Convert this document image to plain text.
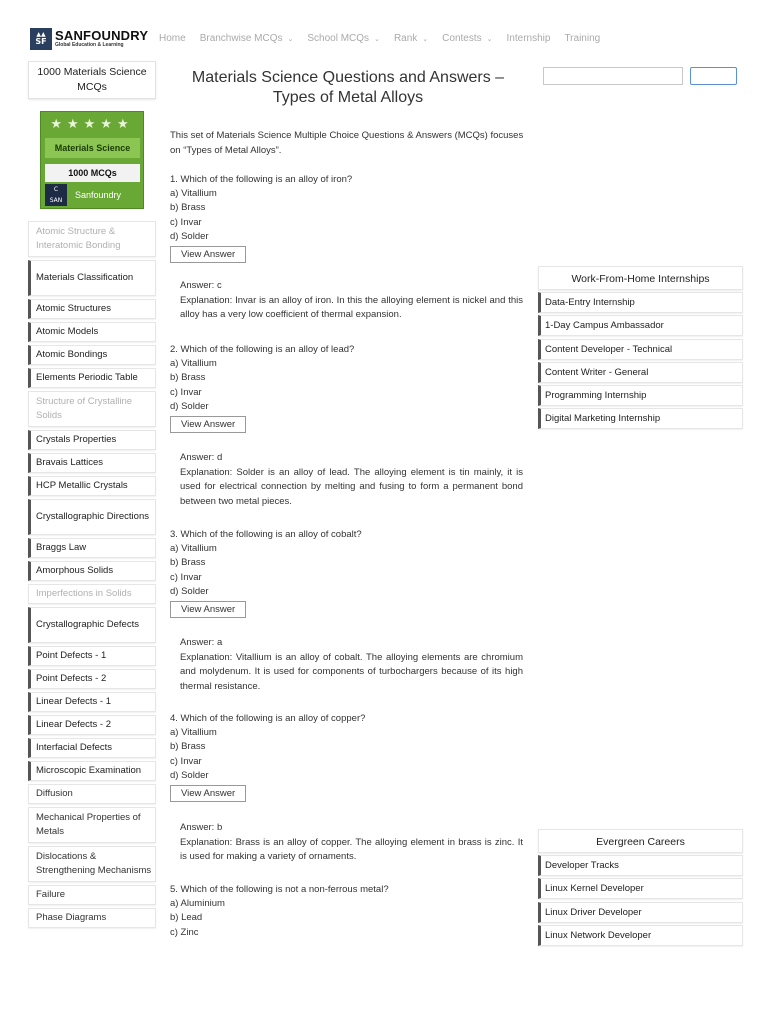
▲▲
SF SANFOUNDRY
Global Education & Learning
Home Branchwise MCQs ⌄ School MCQs ⌄ Rank ⌄ Contests ⌄ Internship Training
1000 Materials Science MCQs
★★★★★
Materials Science
1000 MCQs
C
SAN
Sanfoundry
Atomic Structure & Interatomic Bonding
Materials Classification
Atomic Structures
Atomic Models
Atomic Bondings
Elements Periodic Table
Structure of Crystalline Solids
Crystals Properties
Bravais Lattices
HCP Metallic Crystals
Crystallographic Directions
Braggs Law
Amorphous Solids
Imperfections in Solids
Crystallographic Defects
Point Defects - 1
Point Defects - 2
Linear Defects - 1
Linear Defects - 2
Interfacial Defects
Microscopic Examination
Diffusion
Mechanical Properties of Metals
Dislocations & Strengthening Mechanisms
Failure
Phase Diagrams
Materials Science Questions and Answers – Types of Metal Alloys

This set of Materials Science Multiple Choice Questions & Answers (MCQs) focuses on “Types of Metal Alloys”.

1. Which of the following is an alloy of iron?
a) Vitallium
b) Brass
c) Invar
d) Solder
View Answer
Answer: c
Explanation: Invar is an alloy of iron. In this the alloying element is nickel and this alloy has a very low coefficient of thermal expansion.
2. Which of the following is an alloy of lead?
a) Vitallium
b) Brass
c) Invar
d) Solder
View Answer
Answer: d
Explanation: Solder is an alloy of lead. The alloying element is tin mainly, it is used for electrical connection by melting and fusing to form a permanent bond between two metal pieces.
3. Which of the following is an alloy of cobalt?
a) Vitallium
b) Brass
c) Invar
d) Solder
View Answer
Answer: a
Explanation: Vitallium is an alloy of cobalt. The alloying elements are chromium and molydenum. It is used for components of turbochargers because of its high thermal resistance.
4. Which of the following is an alloy of copper?
a) Vitallium
b) Brass
c) Invar
d) Solder
View Answer
Answer: b
Explanation: Brass is an alloy of copper. The alloying element in brass is zinc. It is used for making a variety of ornaments.
5. Which of the following is not a non-ferrous metal?
a) Aluminium
b) Lead
c) Zinc
Work-From-Home Internships
Data-Entry Internship
1-Day Campus Ambassador
Content Developer - Technical
Content Writer - General
Programming Internship
Digital Marketing Internship
Evergreen Careers
Developer Tracks
Linux Kernel Developer
Linux Driver Developer
Linux Network Developer
